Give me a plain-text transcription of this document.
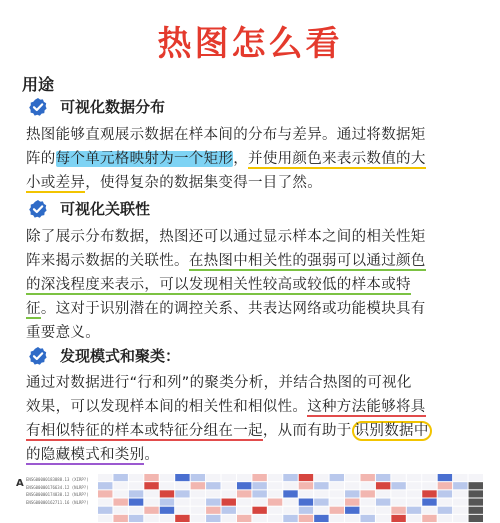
热图怎么看
用途
可视化数据分布
热图能够直观展示数据在样本间的分布与差异。通过将数据矩
阵的每个单元格映射为一个矩形，并使用颜色来表示数值的大
小或差异，使得复杂的数据集变得一目了然。
可视化关联性
除了展示分布数据，热图还可以通过显示样本之间的相关性矩
阵来揭示数据的关联性。在热图中相关性的强弱可以通过颜色
的深浅程度来表示，可以发现相关性较高或较低的样本或特
征。这对于识别潜在的调控关系、共表达网络或功能模块具有
重要意义。
发现模式和聚类：
通过对数据进行“行和列”的聚类分析，并结合热图的可视化
效果，可以发现样本间的相关性和相似性。这种方法能够将具
有相似特征的样本或特征分组在一起，从而有助于 识别数据中
的隐藏模式和类别。
A ENSG00000183888.13 (XIRP?)
ENSG00000176634.12 (NLRP?)
ENSG00000174830.12 (NLRP?)
ENSG00000162711.16 (NLRP?)
